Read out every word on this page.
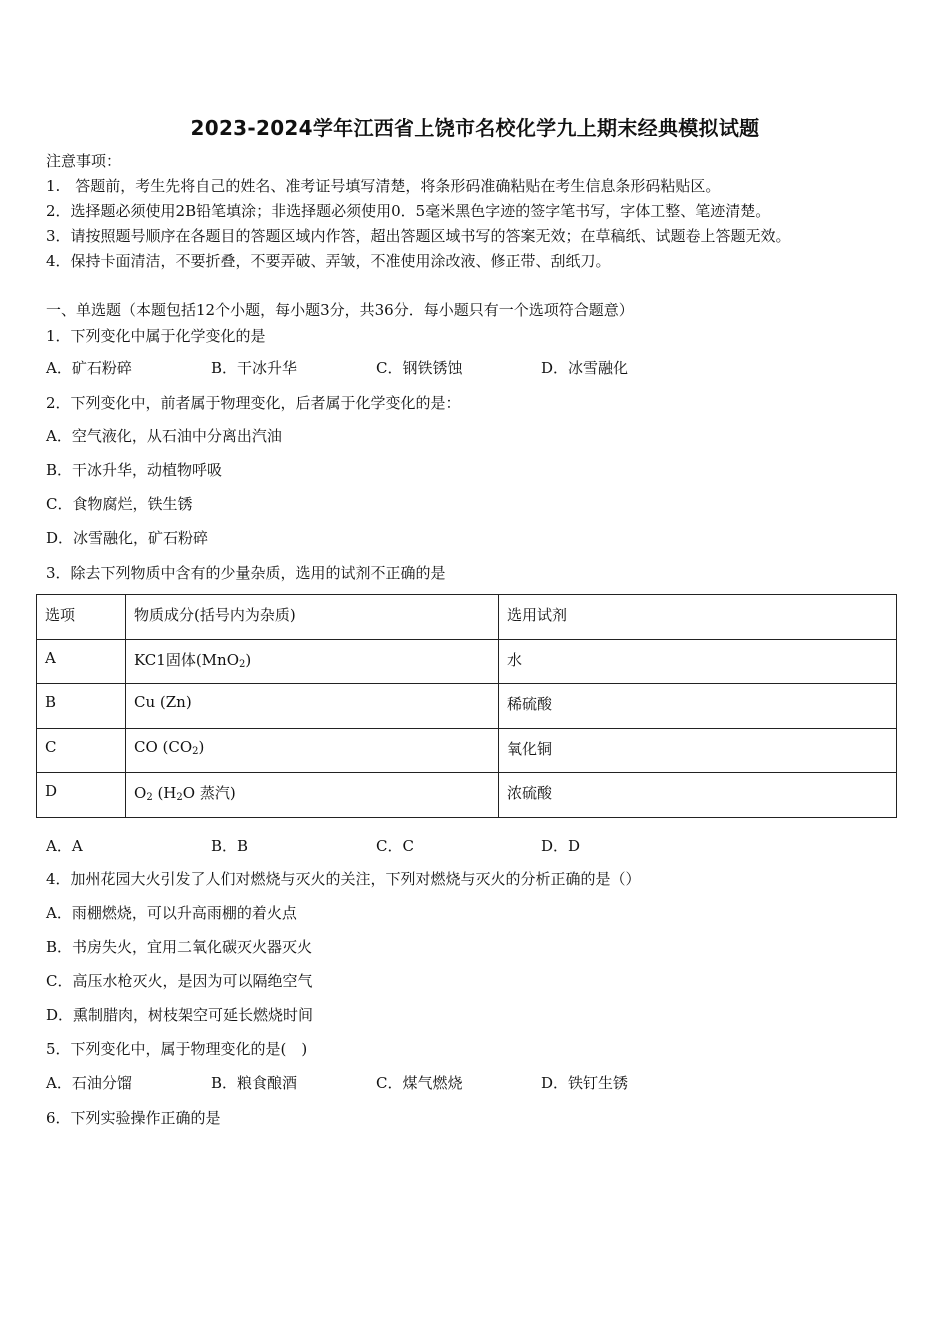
2023-2024学年江西省上饶市名校化学九上期末经典模拟试题
注意事项：
1.　答题前，考生先将自己的姓名、准考证号填写清楚，将条形码准确粘贴在考生信息条形码粘贴区。
2．选择题必须使用2B铅笔填涂；非选择题必须使用0．5毫米黑色字迹的签字笔书写，字体工整、笔迹清楚。
3．请按照题号顺序在各题目的答题区域内作答，超出答题区域书写的答案无效；在草稿纸、试题卷上答题无效。
4．保持卡面清洁，不要折叠，不要弄破、弄皱，不准使用涂改液、修正带、刮纸刀。
一、单选题（本题包括12个小题，每小题3分，共36分．每小题只有一个选项符合题意）
1．下列变化中属于化学变化的是
A．矿石粉碎	B．干冰升华	C．钢铁锈蚀	D．冰雪融化
2．下列变化中，前者属于物理变化，后者属于化学变化的是：
A．空气液化，从石油中分离出汽油
B．干冰升华，动植物呼吸
C．食物腐烂，铁生锈
D．冰雪融化，矿石粉碎
3．除去下列物质中含有的少量杂质，选用的试剂不正确的是
选项	物质成分(括号内为杂质)	选用试剂
A	KC1固体(MnO$_2$)	水
B	Cu (Zn)	稀硫酸
C	CO $(CO_2)$	氧化铜
D	$O_2$ ($H_2O$ 蒸汽)	浓硫酸
A．A	B．B	C．C	D．D
4．加州花园大火引发了人们对燃烧与灭火的关注，下列对燃烧与灭火的分析正确的是（）
A．雨棚燃烧，可以升高雨棚的着火点
B．书房失火，宜用二氧化碳灭火器灭火
C．高压水枪灭火，是因为可以隔绝空气
D．熏制腊肉，树枝架空可延长燃烧时间
5．下列变化中，属于物理变化的是(　)
A．石油分馏	B．粮食酿酒	C．煤气燃烧	D．铁钉生锈
6．下列实验操作正确的是
